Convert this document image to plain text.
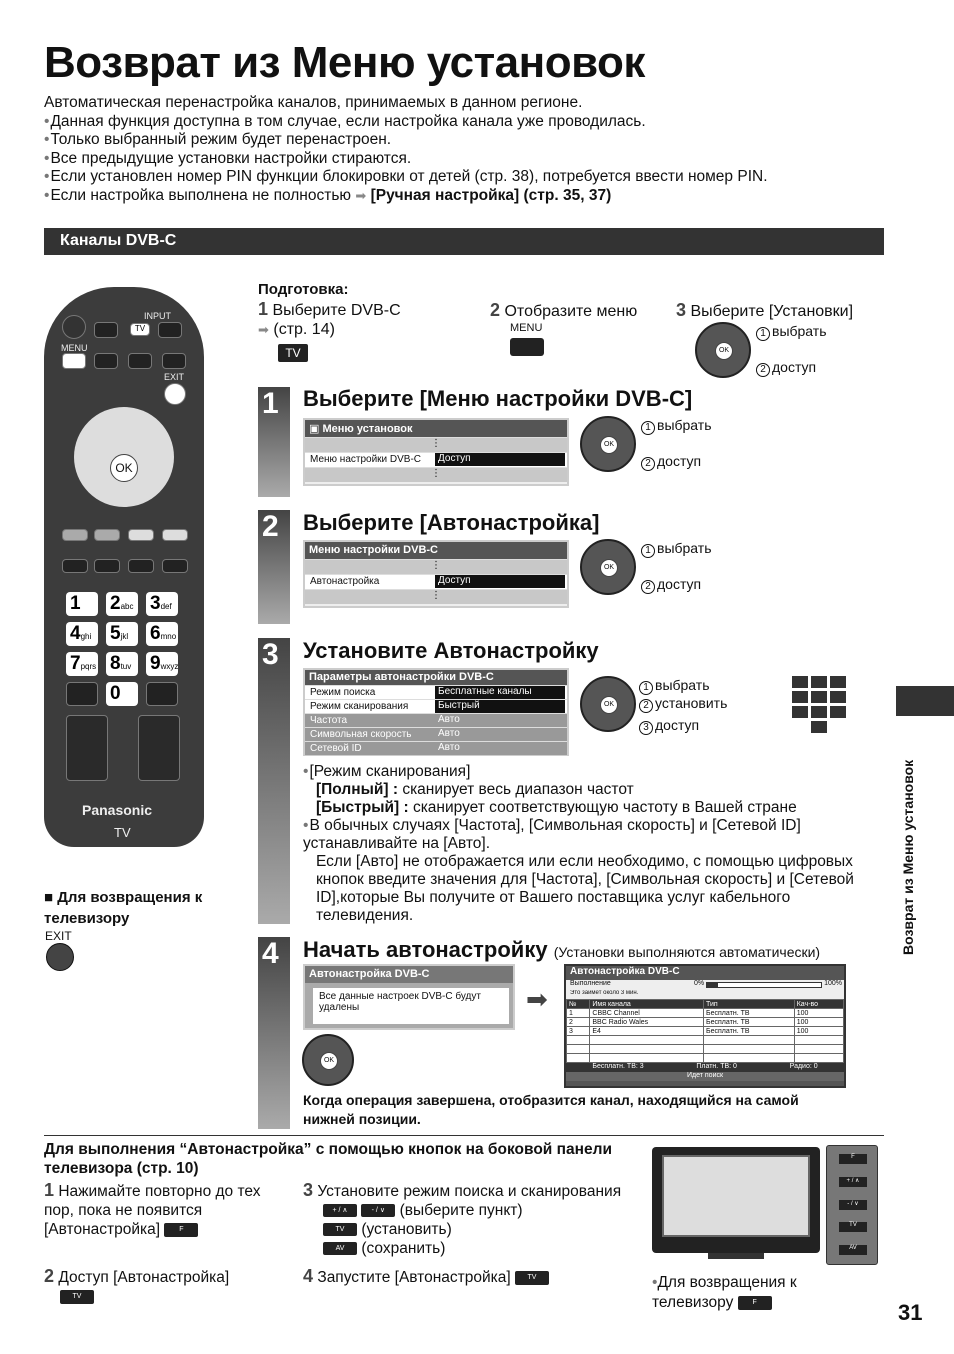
Возврат из Меню установок
Автоматическая перенастройка каналов, принимаемых в данном регионе.
• Данная функция доступна в том случае, если настройка канала уже проводилась.
• Только выбранный режим будет перенастроен.
• Все предыдущие установки настройки стираются.
• Если установлен номер PIN функции блокировки от детей (стр. 38), потребуется ввести номер PIN.
• Если настройка выполнена не полностью ➡ [Ручная настройка] (стр. 35, 37)
Каналы DVB-C
INPUT
TV
MENU
EXIT
OK
1	2abc 3def
4ghi 5jkl	6mno
7pqrs 8tuv 9wxyz
0
Panasonic
TV
■ Для возвращения к телевизору
EXIT
Подготовка:
1 Выберите DVB-C
➡ (стр. 14)
TV
2 Отобразите меню
MENU
3 Выберите [Установки]
OK
1 выбрать
2 доступ
1
2
3
4
Выберите [Меню настройки DVB-C]
▣ Меню установок
⋮
Меню настройки DVB-C	Доступ
⋮
OK
1 выбрать
2 доступ
Выберите [Автонастройка]
Меню настройки DVB-C
⋮
Автонастройка	Доступ
⋮
OK
1 выбрать
2 доступ
Установите Автонастройку
Параметры автонастройки DVB-C
Режим поиска	Бесплатные каналы
Режим сканирования	Быстрый
Частота	Авто
Символьная скорость	Авто
Сетевой ID	Авто
OK
1 выбрать
2 установить
3 доступ
• [Режим сканирования]
[Полный] : сканирует весь диапазон частот
[Быстрый] : сканирует соответствующую частоту в Вашей стране
• В обычных случаях [Частота], [Символьная скорость] и [Сетевой ID] устанавливайте на [Авто].
Если [Авто] не отображается или если необходимо, с помощью цифровых кнопок введите значения для [Частота], [Символьная скорость] и [Сетевой ID],которые Вы получите от Вашего поставщика услуг кабельного телевидения.
Начать автонастройку (Установки выполняются автоматически)
Автонастройка DVB-C
Все данные настроек DVB-C будут удалены	➡
Автонастройка DVB-C
Выполнение	0%	100%
Это займет около 3 мин.
№	Имя канала	Тип	Кач-во
1	CBBC Channel	Бесплатн. ТВ	100
2	BBC Radio Wales	Бесплатн. ТВ	100
3	E4	Бесплатн. ТВ	100

Бесплатн. ТВ: 3	Платн. ТВ: 0	Радио: 0
Идет поиск
OK
Когда операция завершена, отобразится канал, находящийся на самой нижней позиции.
Возврат из Меню установок
Для выполнения “Автонастройка” с помощью кнопок на боковой панели телевизора (стр. 10)
1 Нажимайте повторно до тех пор, пока не появится [Автонастройка]	F
2 Доступ [Автонастройка]
TV
3 Установите режим поиска и сканирования
+ / ∧	- / ∨ (выберите пункт)
TV (установить)
AV (сохранить)
4 Запустите [Автонастройка] TV
F
+ / ∧
- / ∨
TV
AV
•Для возвращения к телевизору	F	31
